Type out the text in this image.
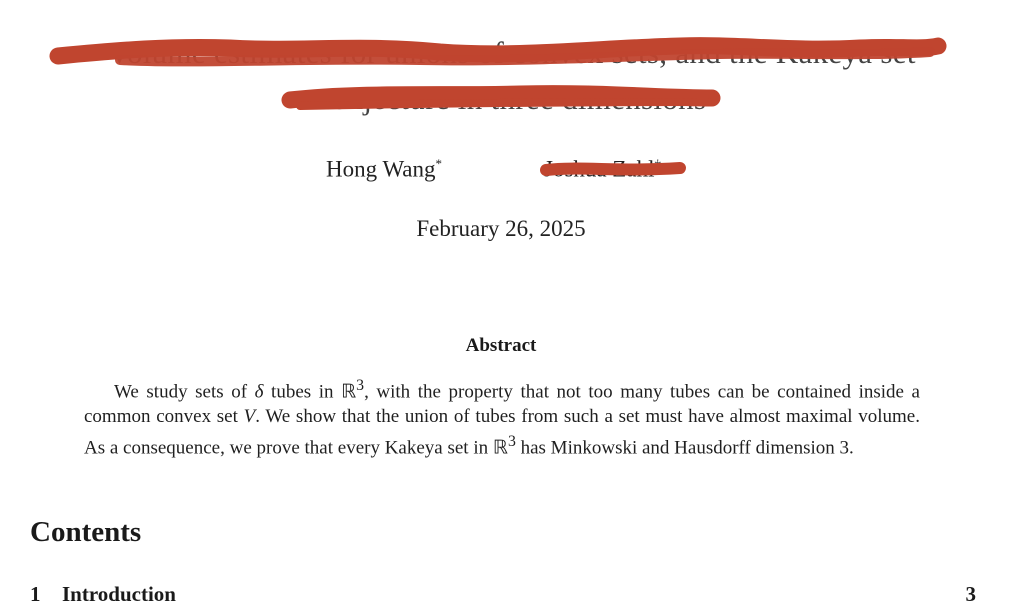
Volume estimates for unions of convex sets, and the Kakeya set
conjecture in three dimensions
Hong Wang*	Joshua Zahl†
February 26, 2025
Abstract
We study sets of δ tubes in ℝ$^3$, with the property that not too many tubes can be contained inside a common convex set V. We show that the union of tubes from such a set must have almost maximal volume. As a consequence, we prove that every Kakeya set in ℝ$^3$ has Minkowski and Hausdorff dimension 3.
Contents
1 Introduction	3
